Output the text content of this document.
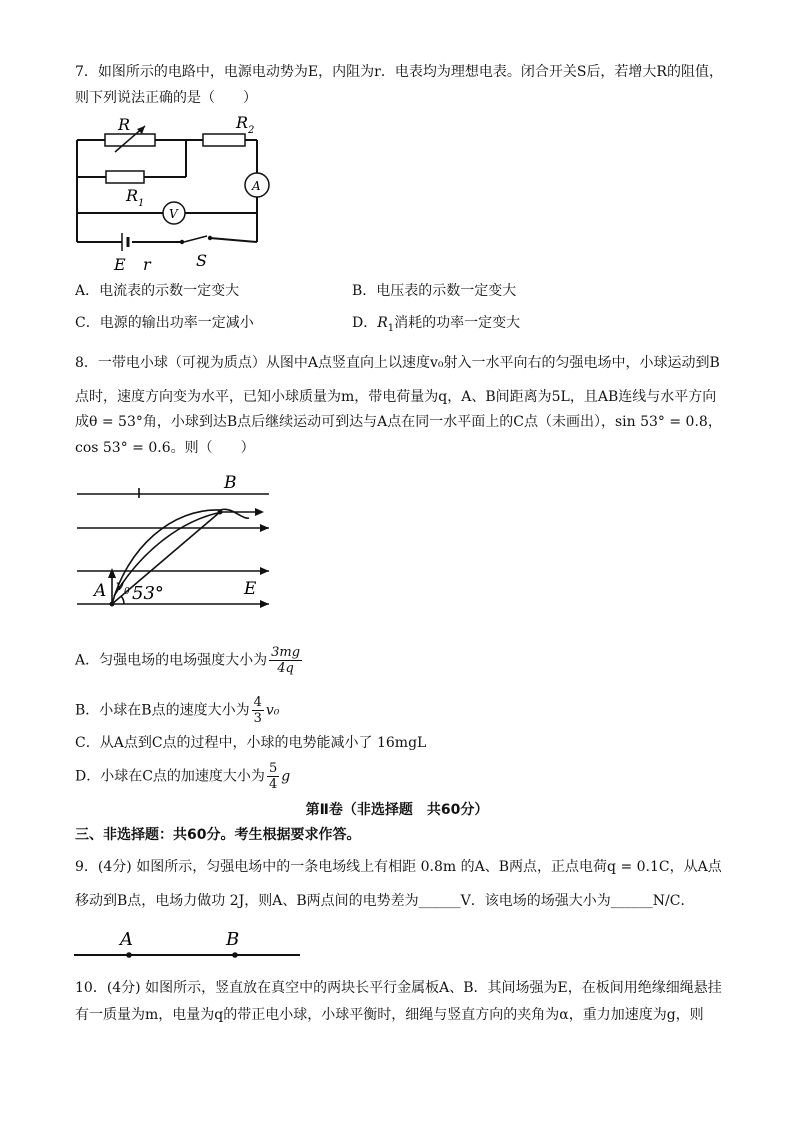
7．如图所示的电路中，电源电动势为E，内阻为r．电表均为理想电表。闭合开关S后，若增大R的阻值，
则下列说法正确的是（　　）
R	R 2
R 1
A
V
E r	S
A．电流表的示数一定变大	B．电压表的示数一定变大
C．电源的输出功率一定减小	D．$R_1$消耗的功率一定变大
8．一带电小球（可视为质点）从图中A点竖直向上以速度v₀射入一水平向右的匀强电场中，小球运动到B
点时，速度方向变为水平，已知小球质量为m，带电荷量为q，A、B间距离为5L，且AB连线与水平方向
成θ = 53°角，小球到达B点后继续运动可到达与A点在同一水平面上的C点（未画出），sin 53° = 0.8，
cos 53° = 0.6。则（　　）
B
A	E
v 0 53°
A．匀强电场的电场强度大小为 $\frac{3mg}{4q}$
B．小球在B点的速度大小为 $\frac{4}{3} v_0$
C．从A点到C点的过程中，小球的电势能减小了 16mgL
D．小球在C点的加速度大小为 $\frac{5}{4}$ g
第Ⅱ卷（非选择题　共60分）
三、非选择题：共60分。考生根据要求作答。
9．(4分) 如图所示，匀强电场中的一条电场线上有相距 0.8m 的A、B两点，正点电荷q = 0.1C，从A点
移动到B点，电场力做功 2J，则A、B两点间的电势差为______V．该电场的场强大小为______N/C．
A	B
10．(4分) 如图所示，竖直放在真空中的两块长平行金属板A、B．其间场强为E，在板间用绝缘细绳悬挂
有一质量为m，电量为q的带正电小球，小球平衡时，细绳与竖直方向的夹角为α，重力加速度为g，则
